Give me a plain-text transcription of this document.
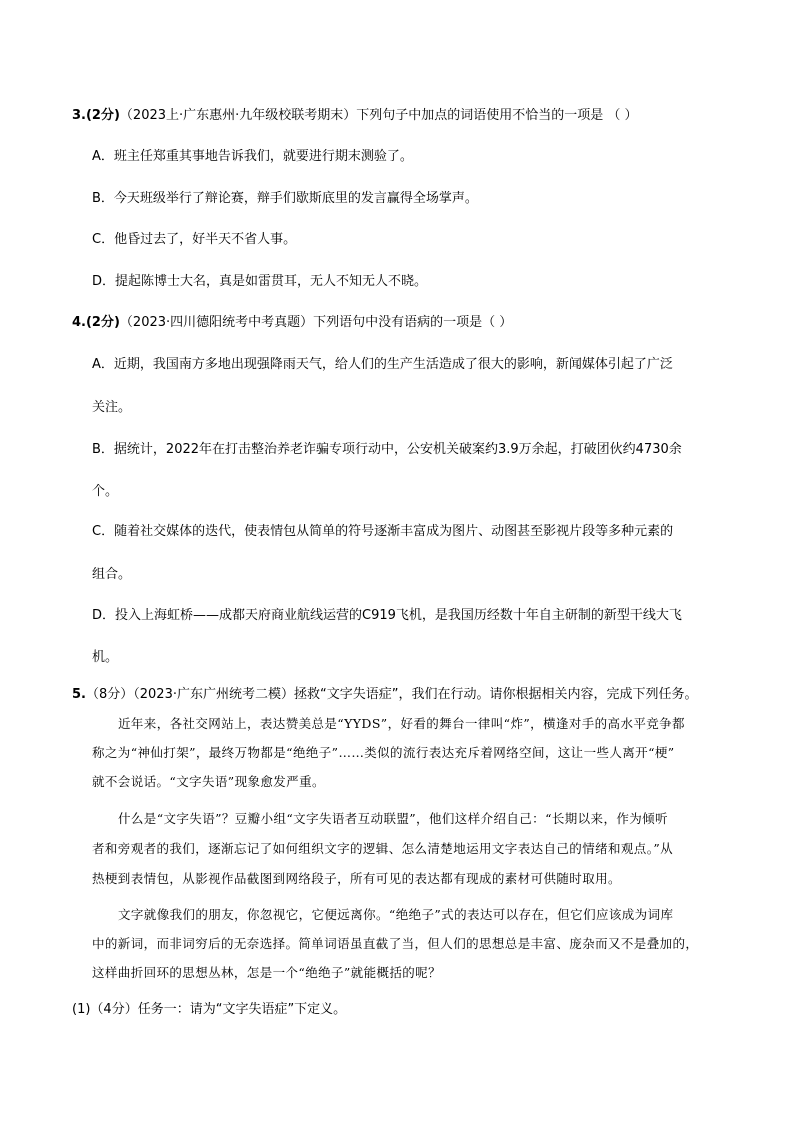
3.(2分)（2023上·广东惠州·九年级校联考期末）下列句子中加点的词语使用不恰当的一项是 （ ）
A．班主任郑重其事地告诉我们，就要进行期末测验了。
B．今天班级举行了辩论赛，辩手们歇斯底里的发言赢得全场掌声。
C．他昏过去了，好半天不省人事。
D．提起陈博士大名，真是如雷贯耳，无人不知无人不晓。
4.(2分)（2023·四川德阳统考中考真题）下列语句中没有语病的一项是（ ）
A．近期，我国南方多地出现强降雨天气，给人们的生产生活造成了很大的影响，新闻媒体引起了广泛
关注。
B．据统计，2022年在打击整治养老诈骗专项行动中，公安机关破案约3.9万余起，打破团伙约4730余
个。
C．随着社交媒体的迭代，使表情包从简单的符号逐渐丰富成为图片、动图甚至影视片段等多种元素的
组合。
D．投入上海虹桥——成都天府商业航线运营的C919飞机，是我国历经数十年自主研制的新型干线大飞
机。
5.（8分）（2023·广东广州统考二模）拯救“文字失语症”，我们在行动。请你根据相关内容，完成下列任务。
近年来，各社交网站上，表达赞美总是“YYDS”，好看的舞台一律叫“炸”，横逢对手的高水平竞争都
称之为“神仙打架”，最终万物都是“绝绝子”……类似的流行表达充斥着网络空间，这让一些人离开“梗”
就不会说话。“文字失语”现象愈发严重。
什么是“文字失语”？豆瓣小组“文字失语者互动联盟”，他们这样介绍自己：“长期以来，作为倾听
者和旁观者的我们，逐渐忘记了如何组织文字的逻辑、怎么清楚地运用文字表达自己的情绪和观点。”从
热梗到表情包，从影视作品截图到网络段子，所有可见的表达都有现成的素材可供随时取用。
文字就像我们的朋友，你忽视它，它便远离你。“绝绝子”式的表达可以存在，但它们应该成为词库
中的新词，而非词穷后的无奈选择。简单词语虽直截了当，但人们的思想总是丰富、庞杂而又不是叠加的，
这样曲折回环的思想丛林，怎是一个“绝绝子”就能概括的呢？
(1)（4分）任务一：请为“文字失语症”下定义。
